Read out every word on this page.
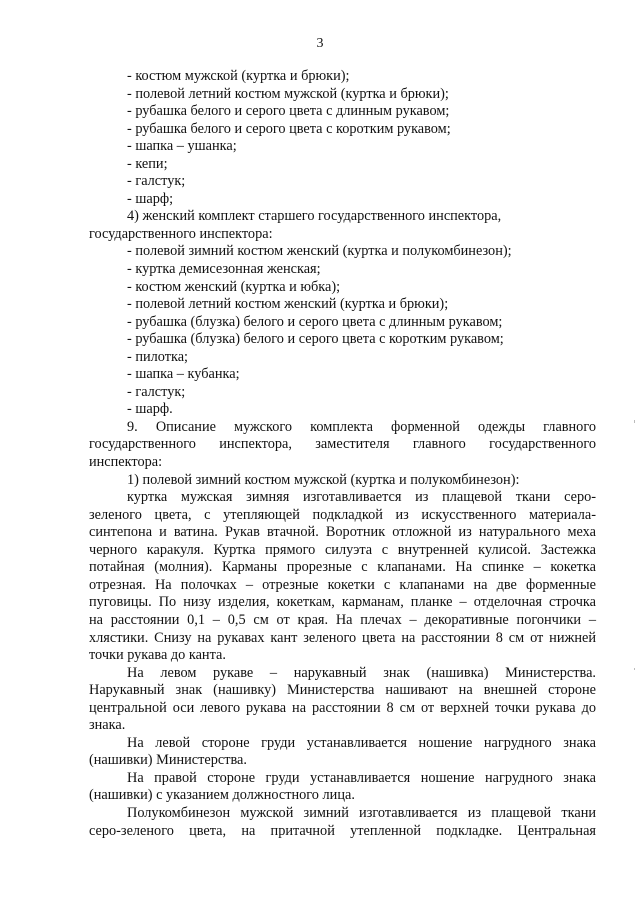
3
- костюм мужской (куртка и брюки);
- полевой летний костюм мужской (куртка и брюки);
- рубашка белого и серого цвета с длинным рукавом;
- рубашка белого и серого цвета с коротким рукавом;
- шапка – ушанка;
- кепи;
- галстук;
- шарф;
4) женский комплект старшего государственного инспектора,
государственного инспектора:
- полевой зимний костюм женский (куртка и полукомбинезон);
- куртка демисезонная женская;
- костюм женский (куртка и юбка);
- полевой летний костюм женский (куртка и брюки);
- рубашка (блузка) белого и серого цвета с длинным рукавом;
- рубашка (блузка) белого и серого цвета с коротким рукавом;
- пилотка;
- шапка – кубанка;
- галстук;
- шарф.
9. Описание мужского комплекта форменной одежды главного
государственного инспектора, заместителя главного государственного
инспектора:
1) полевой зимний костюм мужской (куртка и полукомбинезон):
куртка мужская зимняя изготавливается из плащевой ткани серо-
зеленого цвета, с утепляющей подкладкой из искусственного материала-
синтепона и ватина. Рукав втачной. Воротник отложной из натурального меха
черного каракуля. Куртка прямого силуэта с внутренней кулисой. Застежка
потайная (молния). Карманы прорезные с клапанами. На спинке – кокетка
отрезная. На полочках – отрезные кокетки с клапанами на две форменные
пуговицы. По низу изделия, кокеткам, карманам, планке – отделочная строчка
на расстоянии 0,1 – 0,5 см от края. На плечах – декоративные погончики –
хлястики. Снизу на рукавах кант зеленого цвета на расстоянии 8 см от нижней
точки рукава до канта.
На левом рукаве – нарукавный знак (нашивка) Министерства.
Нарукавный знак (нашивку) Министерства нашивают на внешней стороне
центральной оси левого рукава на расстоянии 8 см от верхней точки рукава до
знака.
На левой стороне груди устанавливается ношение нагрудного знака
(нашивки) Министерства.
На правой стороне груди устанавливается ношение нагрудного знака
(нашивки) с указанием должностного лица.
Полукомбинезон мужской зимний изготавливается из плащевой ткани
серо-зеленого цвета, на притачной утепленной подкладке. Центральная
